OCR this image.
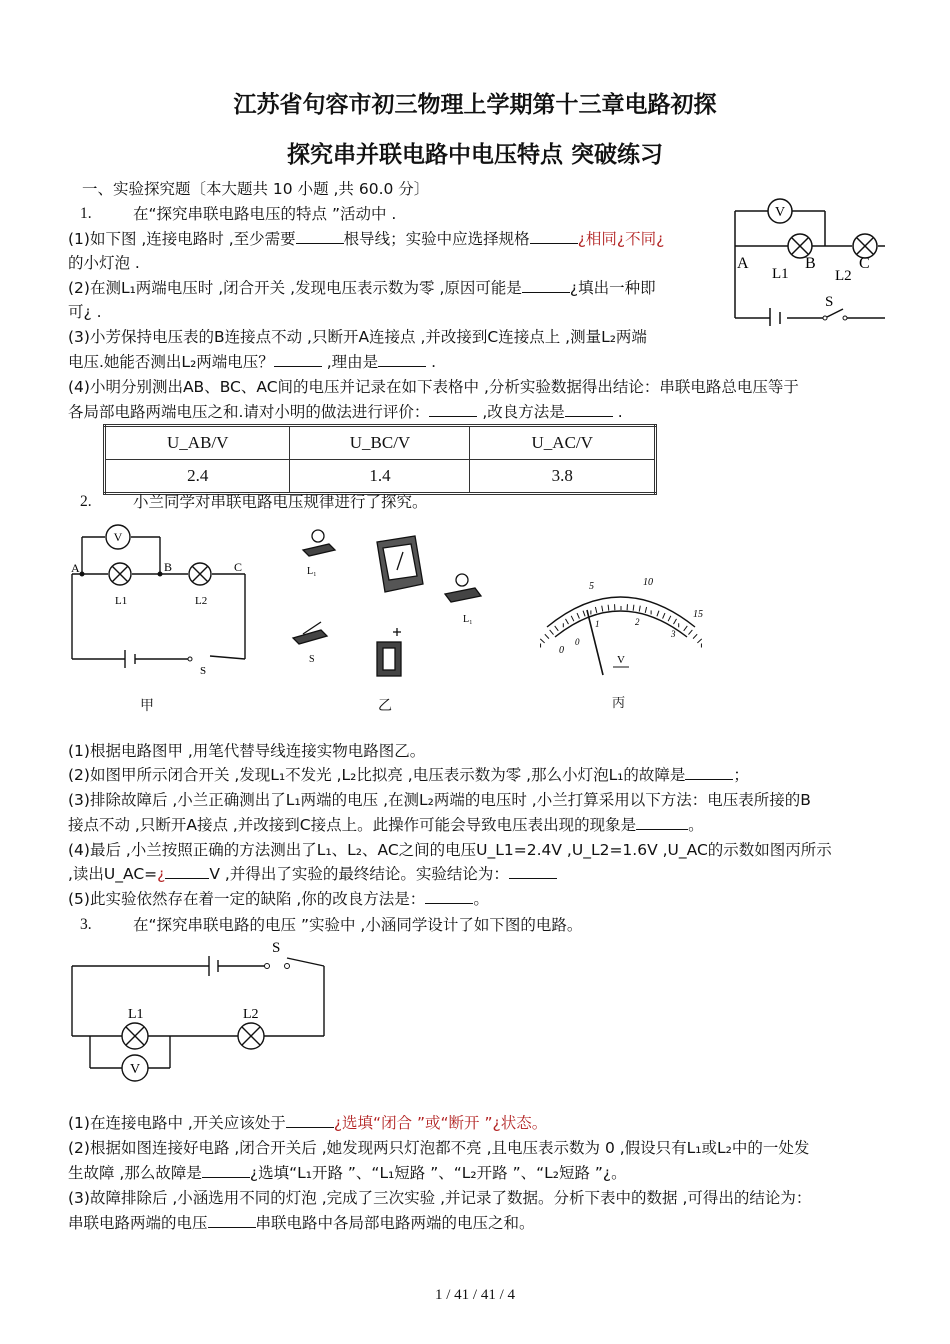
江苏省句容市初三物理上学期第十三章电路初探
探究串并联电路中电压特点 突破练习
一、实验探究题〔本大题共 10 小题 ,共 60.0 分〕
1.	在“探究串联电路电压的特点 ”活动中 .
(1)如下图 ,连接电路时 ,至少需要	根导线；实验中应选择规格	¿相同¿不同¿
的小灯泡 .
(2)在测L₁两端电压时 ,闭合开关 ,发现电压表示数为零 ,原因可能是	¿填出一种即
可¿ .
(3)小芳保持电压表的B连接点不动 ,只断开A连接点 ,并改接到C连接点上 ,测量L₂两端
电压.她能否测出L₂两端电压？	,理由是	.
(4)小明分别测出AB、BC、AC间的电压并记录在如下表格中 ,分析实验数据得出结论：串联电路总电压等于
各局部电路两端电压之和.请对小明的做法进行评价：	,改良方法是	.
U_AB/V	U_BC/V	U_AC/V
2.4	1.4	3.8
V
A	B	C
L1	L2
S
2.	小兰同学对串联电路电压规律进行了探究。
V
A	B	C
L1	L2
S
甲
L₁
L₁
S
乙
0
5	10
15
1	2
3
0
V
丙
(1)根据电路图甲 ,用笔代替导线连接实物电路图乙。
(2)如图甲所示闭合开关 ,发现L₁不发光 ,L₂比拟亮 ,电压表示数为零 ,那么小灯泡L₁的故障是	；
(3)排除故障后 ,小兰正确测出了L₁两端的电压 ,在测L₂两端的电压时 ,小兰打算采用以下方法：电压表所接的B
接点不动 ,只断开A接点 ,并改接到C接点上。此操作可能会导致电压表出现的现象是	。
(4)最后 ,小兰按照正确的方法测出了L₁、L₂、AC之间的电压U_L1=2.4V ,U_L2=1.6V ,U_AC的示数如图丙所示
,读出U_AC=¿	V ,并得出了实验的最终结论。实验结论为：
(5)此实验依然存在着一定的缺陷 ,你的改良方法是：	。
3.	在“探究串联电路的电压 ”实验中 ,小涵同学设计了如下图的电路。
S
L1	L2
V
(1)在连接电路中 ,开关应该处于	¿选填“闭合 ”或“断开 ”¿状态。
(2)根据如图连接好电路 ,闭合开关后 ,她发现两只灯泡都不亮 ,且电压表示数为 0 ,假设只有L₁或L₂中的一处发
生故障 ,那么故障是	¿选填“L₁开路 ”、“L₁短路 ”、“L₂开路 ”、“L₂短路 ”¿。
(3)故障排除后 ,小涵选用不同的灯泡 ,完成了三次实验 ,并记录了数据。分析下表中的数据 ,可得出的结论为：
串联电路两端的电压	串联电路中各局部电路两端的电压之和。
1 / 41 / 41 / 4
